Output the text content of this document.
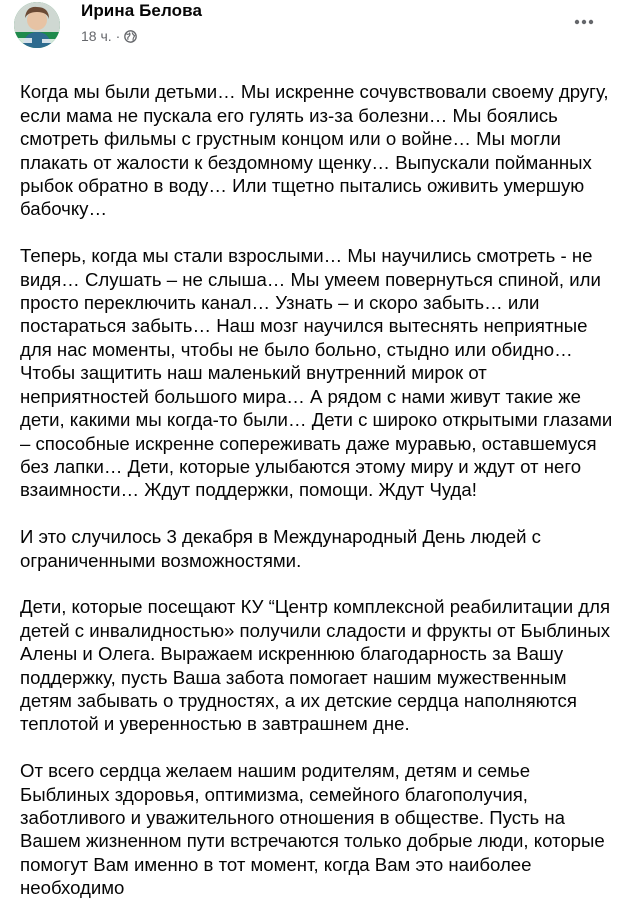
Ирина Белова
18 ч. ·

Когда мы были детьми… Мы искренне сочувствовали своему другу, если мама не пускала его гулять из-за болезни… Мы боялись смотреть фильмы с грустным концом или о войне… Мы могли плакать от жалости к бездомному щенку… Выпускали пойманных рыбок обратно в воду… Или тщетно пытались оживить умершую бабочку…

Теперь, когда мы стали взрослыми… Мы научились смотреть - не видя… Слушать – не слыша… Мы умеем повернуться спиной, или просто переключить канал… Узнать – и скоро забыть… или постараться забыть… Наш мозг научился вытеснять неприятные для нас моменты, чтобы не было больно, стыдно или обидно… Чтобы защитить наш маленький внутренний мирок от неприятностей большого мира… А рядом с нами живут такие же дети, какими мы когда-то были… Дети с широко открытыми глазами – способные искренне сопереживать даже муравью, оставшемуся без лапки… Дети, которые улыбаются этому миру и ждут от него взаимности… Ждут поддержки, помощи. Ждут Чуда!

И это случилось 3 декабря в Международный День людей с ограниченными возможностями.

Дети, которые посещают КУ “Центр комплексной реабилитации для детей с инвалидностью» получили сладости и фрукты от Быблиных Алены и Олега. Выражаем искреннюю благодарность за Вашу поддержку, пусть Ваша забота помогает нашим мужественным детям забывать о трудностях, а их детские сердца наполняются теплотой и уверенностью в завтрашнем дне.

От всего сердца желаем нашим родителям, детям и семье Быблиных здоровья, оптимизма, семейного благополучия, заботливого и уважительного отношения в обществе. Пусть на Вашем жизненном пути встречаются только добрые люди, которые помогут Вам именно в тот момент, когда Вам это наиболее необходимо
